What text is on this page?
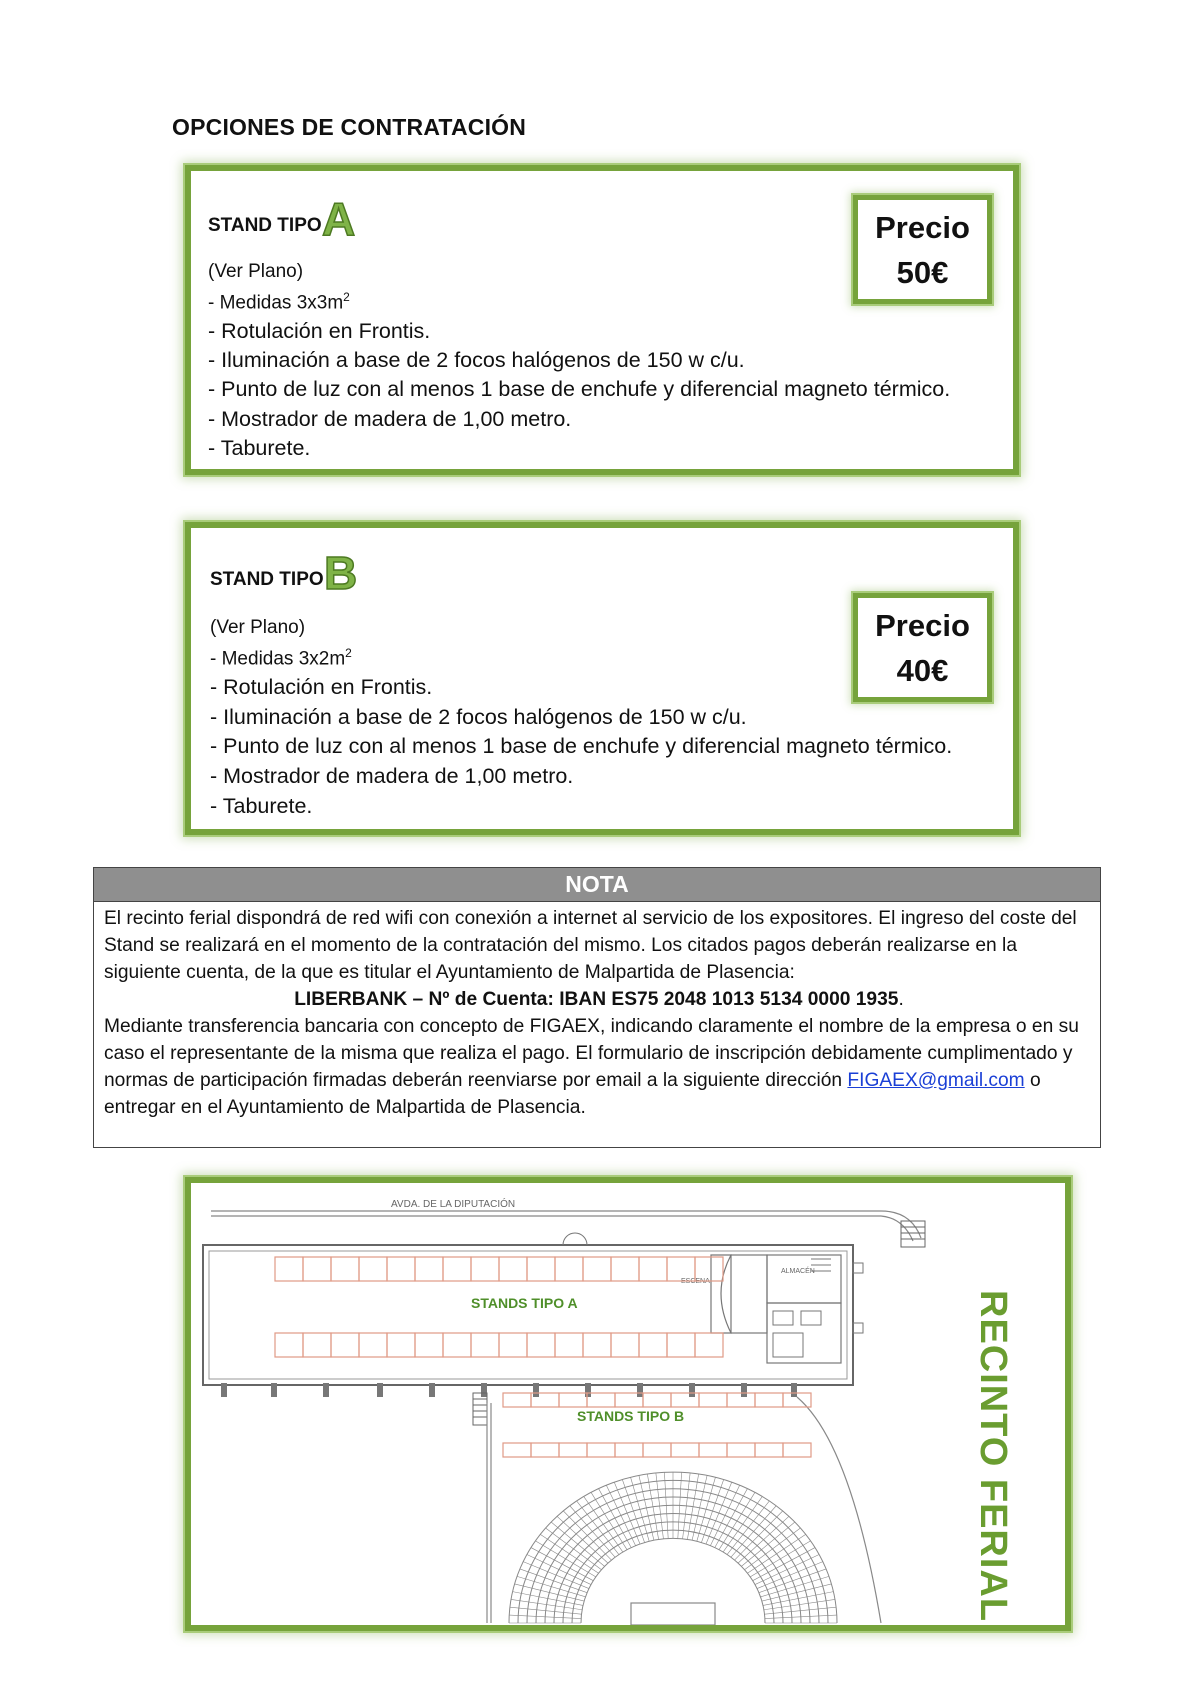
OPCIONES DE CONTRATACIÓN
STAND TIPO A
(Ver Plano)
- Medidas $3x3m^2$
- Rotulación en Frontis.
- Iluminación a base de 2 focos halógenos de 150 w c/u.
- Punto de luz con al menos 1 base de enchufe y diferencial magneto térmico.
- Mostrador de madera de 1,00 metro.
- Taburete.
Precio
50€
STAND TIPO B
(Ver Plano)
- Medidas $3x2m^2$
- Rotulación en Frontis.
- Iluminación a base de 2 focos halógenos de 150 w c/u.
- Punto de luz con al menos 1 base de enchufe y diferencial magneto térmico.
- Mostrador de madera de 1,00 metro.
- Taburete.
Precio
40€
NOTA
El recinto ferial dispondrá de red wifi con conexión a internet al servicio de los expositores. El ingreso del coste del Stand se realizará en el momento de la contratación del mismo. Los citados pagos deberán realizarse en la siguiente cuenta, de la que es titular el Ayuntamiento de Malpartida de Plasencia:
LIBERBANK – Nº de Cuenta: IBAN ES75 2048 1013 5134 0000 1935.
Mediante transferencia bancaria con concepto de FIGAEX, indicando claramente el nombre de la empresa o en su caso el representante de la misma que realiza el pago. El formulario de inscripción debidamente cumplimentado y normas de participación firmadas deberán reenviarse por email a la siguiente dirección FIGAEX@gmail.com o entregar en el Ayuntamiento de Malpartida de Plasencia.
AVDA. DE LA DIPUTACIÓN
ESCENA
ALMACÉN
STANDS TIPO A
STANDS TIPO B	RECINTO FERIAL
